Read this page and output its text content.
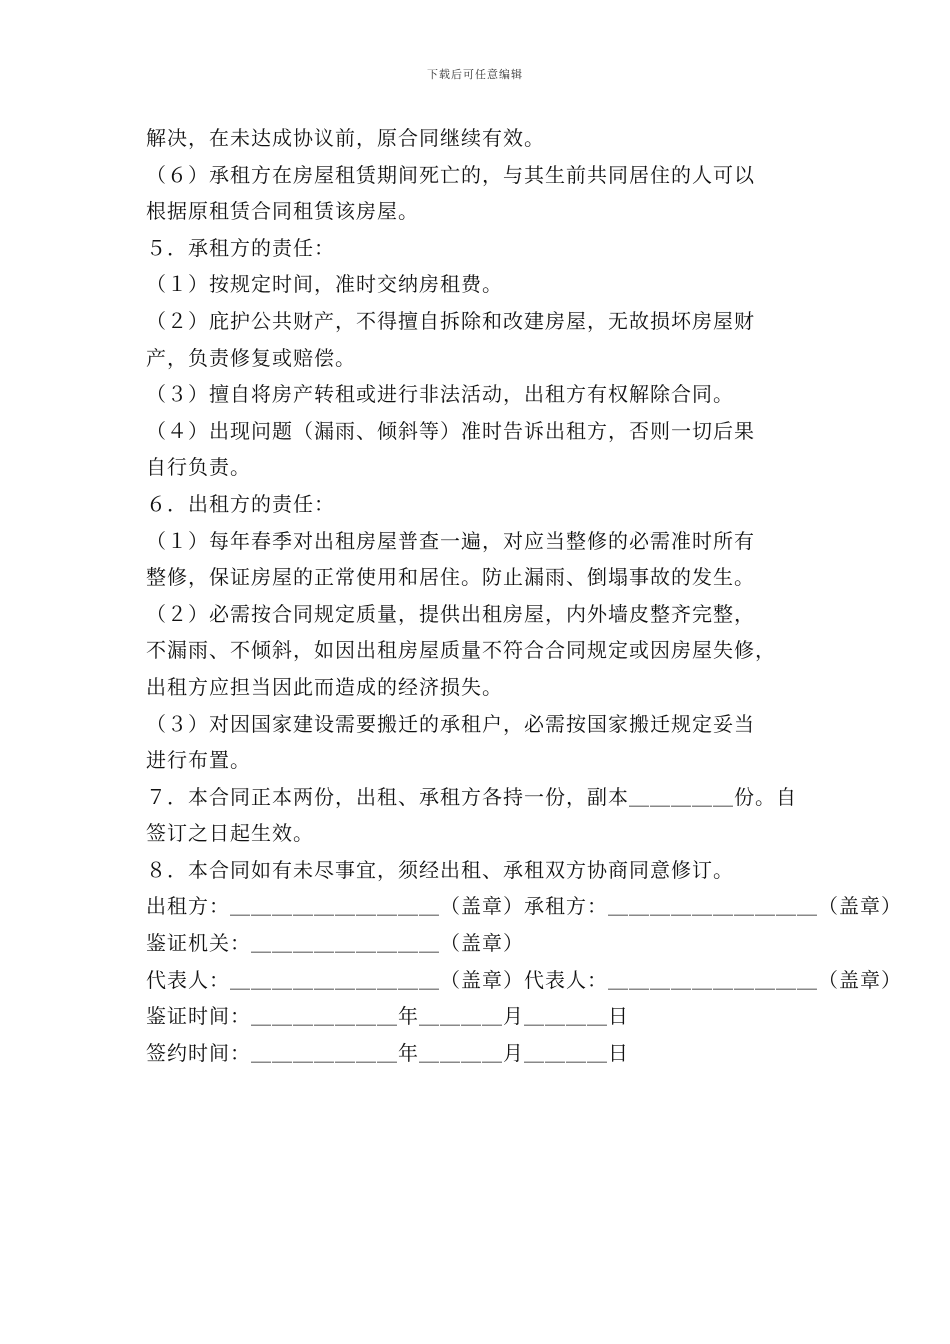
下载后可任意编辑
解决，在未达成协议前，原合同继续有效。
（６）承租方在房屋租赁期间死亡的，与其生前共同居住的人可以
根据原租赁合同租赁该房屋。
５．承租方的责任：
（１）按规定时间，准时交纳房租费。
（２）庇护公共财产，不得擅自拆除和改建房屋，无故损坏房屋财
产，负责修复或赔偿。
（３）擅自将房产转租或进行非法活动，出租方有权解除合同。
（４）出现问题（漏雨、倾斜等）准时告诉出租方，否则一切后果
自行负责。
６．出租方的责任：
（１）每年春季对出租房屋普查一遍，对应当整修的必需准时所有
整修，保证房屋的正常使用和居住。防止漏雨、倒塌事故的发生。
（２）必需按合同规定质量，提供出租房屋，内外墙皮整齐完整，
不漏雨、不倾斜，如因出租房屋质量不符合合同规定或因房屋失修，
出租方应担当因此而造成的经济损失。
（３）对因国家建设需要搬迁的承租户，必需按国家搬迁规定妥当
进行布置。
７．本合同正本两份，出租、承租方各持一份，副本＿＿＿＿＿份。自
签订之日起生效。
８．本合同如有未尽事宜，须经出租、承租双方协商同意修订。
出租方：＿＿＿＿＿＿＿＿＿＿（盖章）承租方：＿＿＿＿＿＿＿＿＿＿（盖章）
鉴证机关：＿＿＿＿＿＿＿＿＿（盖章）
代表人：＿＿＿＿＿＿＿＿＿＿（盖章）代表人：＿＿＿＿＿＿＿＿＿＿（盖章）
鉴证时间：＿＿＿＿＿＿＿年＿＿＿＿月＿＿＿＿日
签约时间：＿＿＿＿＿＿＿年＿＿＿＿月＿＿＿＿日
